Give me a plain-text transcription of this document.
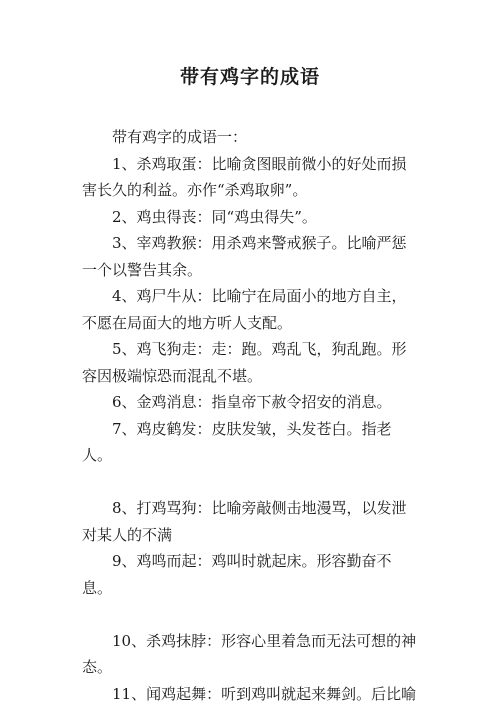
带有鸡字的成语

带有鸡字的成语一：

1、杀鸡取蛋：比喻贪图眼前微小的好处而损害长久的利益。亦作“杀鸡取卵”。

2、鸡虫得丧：同“鸡虫得失”。

3、宰鸡教猴：用杀鸡来警戒猴子。比喻严惩一个以警告其余。

4、鸡尸牛从：比喻宁在局面小的地方自主，不愿在局面大的地方听人支配。

5、鸡飞狗走：走：跑。鸡乱飞，狗乱跑。形容因极端惊恐而混乱不堪。

6、金鸡消息：指皇帝下赦令招安的消息。

7、鸡皮鹤发：皮肤发皱，头发苍白。指老人。

8、打鸡骂狗：比喻旁敲侧击地漫骂，以发泄对某人的不满

9、鸡鸣而起：鸡叫时就起床。形容勤奋不息。

10、杀鸡抹脖：形容心里着急而无法可想的神态。

11、闻鸡起舞：听到鸡叫就起来舞剑。后比喻
